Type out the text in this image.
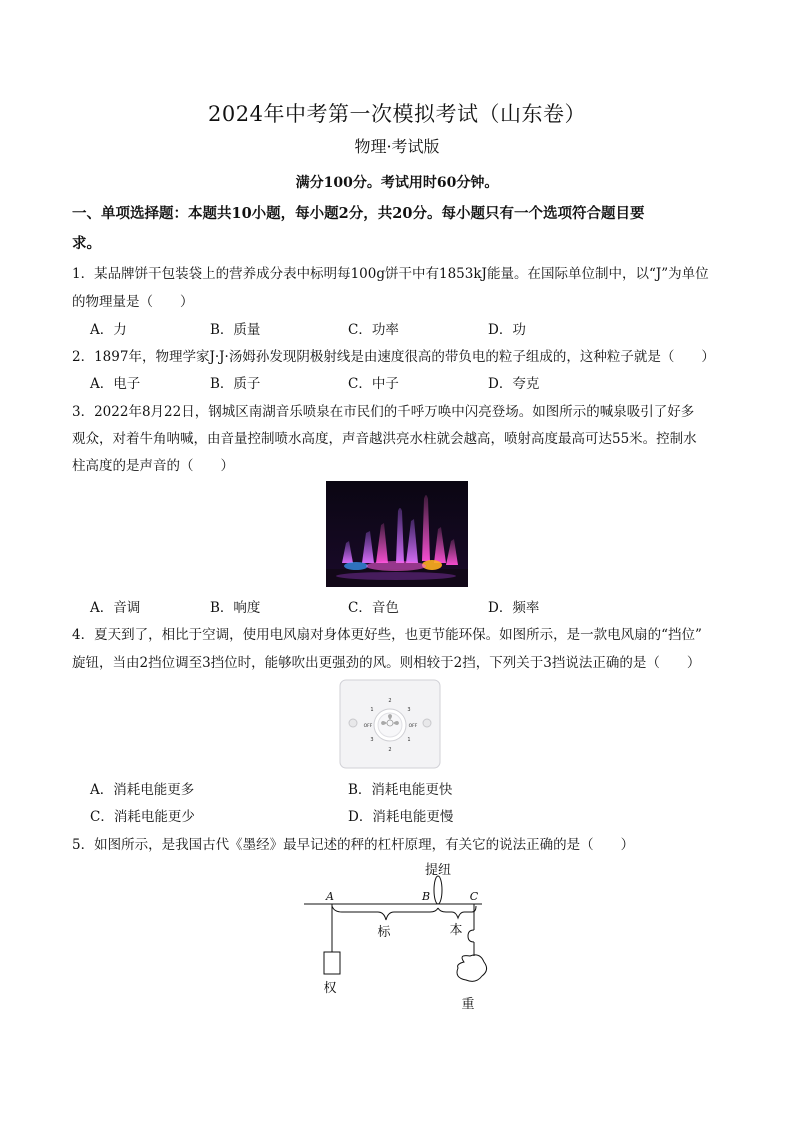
2024年中考第一次模拟考试（山东卷）
物理·考试版
满分100分。考试用时60分钟。
一、单项选择题：本题共10小题，每小题2分，共20分。每小题只有一个选项符合题目要
求。
1．某品牌饼干包装袋上的营养成分表中标明每100g饼干中有1853kJ能量。在国际单位制中，以“J”为单位
的物理量是（　　）
A．力	B．质量	C．功率	D．功
2．1897年，物理学家J·J·汤姆孙发现阴极射线是由速度很高的带负电的粒子组成的，这种粒子就是（　　）
A．电子	B．质子	C．中子	D．夸克
3．2022年8月22日，钢城区南湖音乐喷泉在市民们的千呼万唤中闪亮登场。如图所示的喊泉吸引了好多
观众，对着牛角呐喊，由音量控制喷水高度，声音越洪亮水柱就会越高，喷射高度最高可达55米。控制水
柱高度的是声音的（　　）
A．音调	B．响度	C．音色	D．频率
4．夏天到了，相比于空调，使用电风扇对身体更好些，也更节能环保。如图所示，是一款电风扇的“挡位”
旋钮，当由2挡位调至3挡位时，能够吹出更强劲的风。则相较于2挡，下列关于3挡说法正确的是（　　）
2
1	3
OFF	OFF
3	1
2
A．消耗电能更多	B．消耗电能更快
C．消耗电能更少	D．消耗电能更慢
5．如图所示，是我国古代《墨经》最早记述的秤的杠杆原理，有关它的说法正确的是（　　）
提纽
A	B	C
标	本
权
重
